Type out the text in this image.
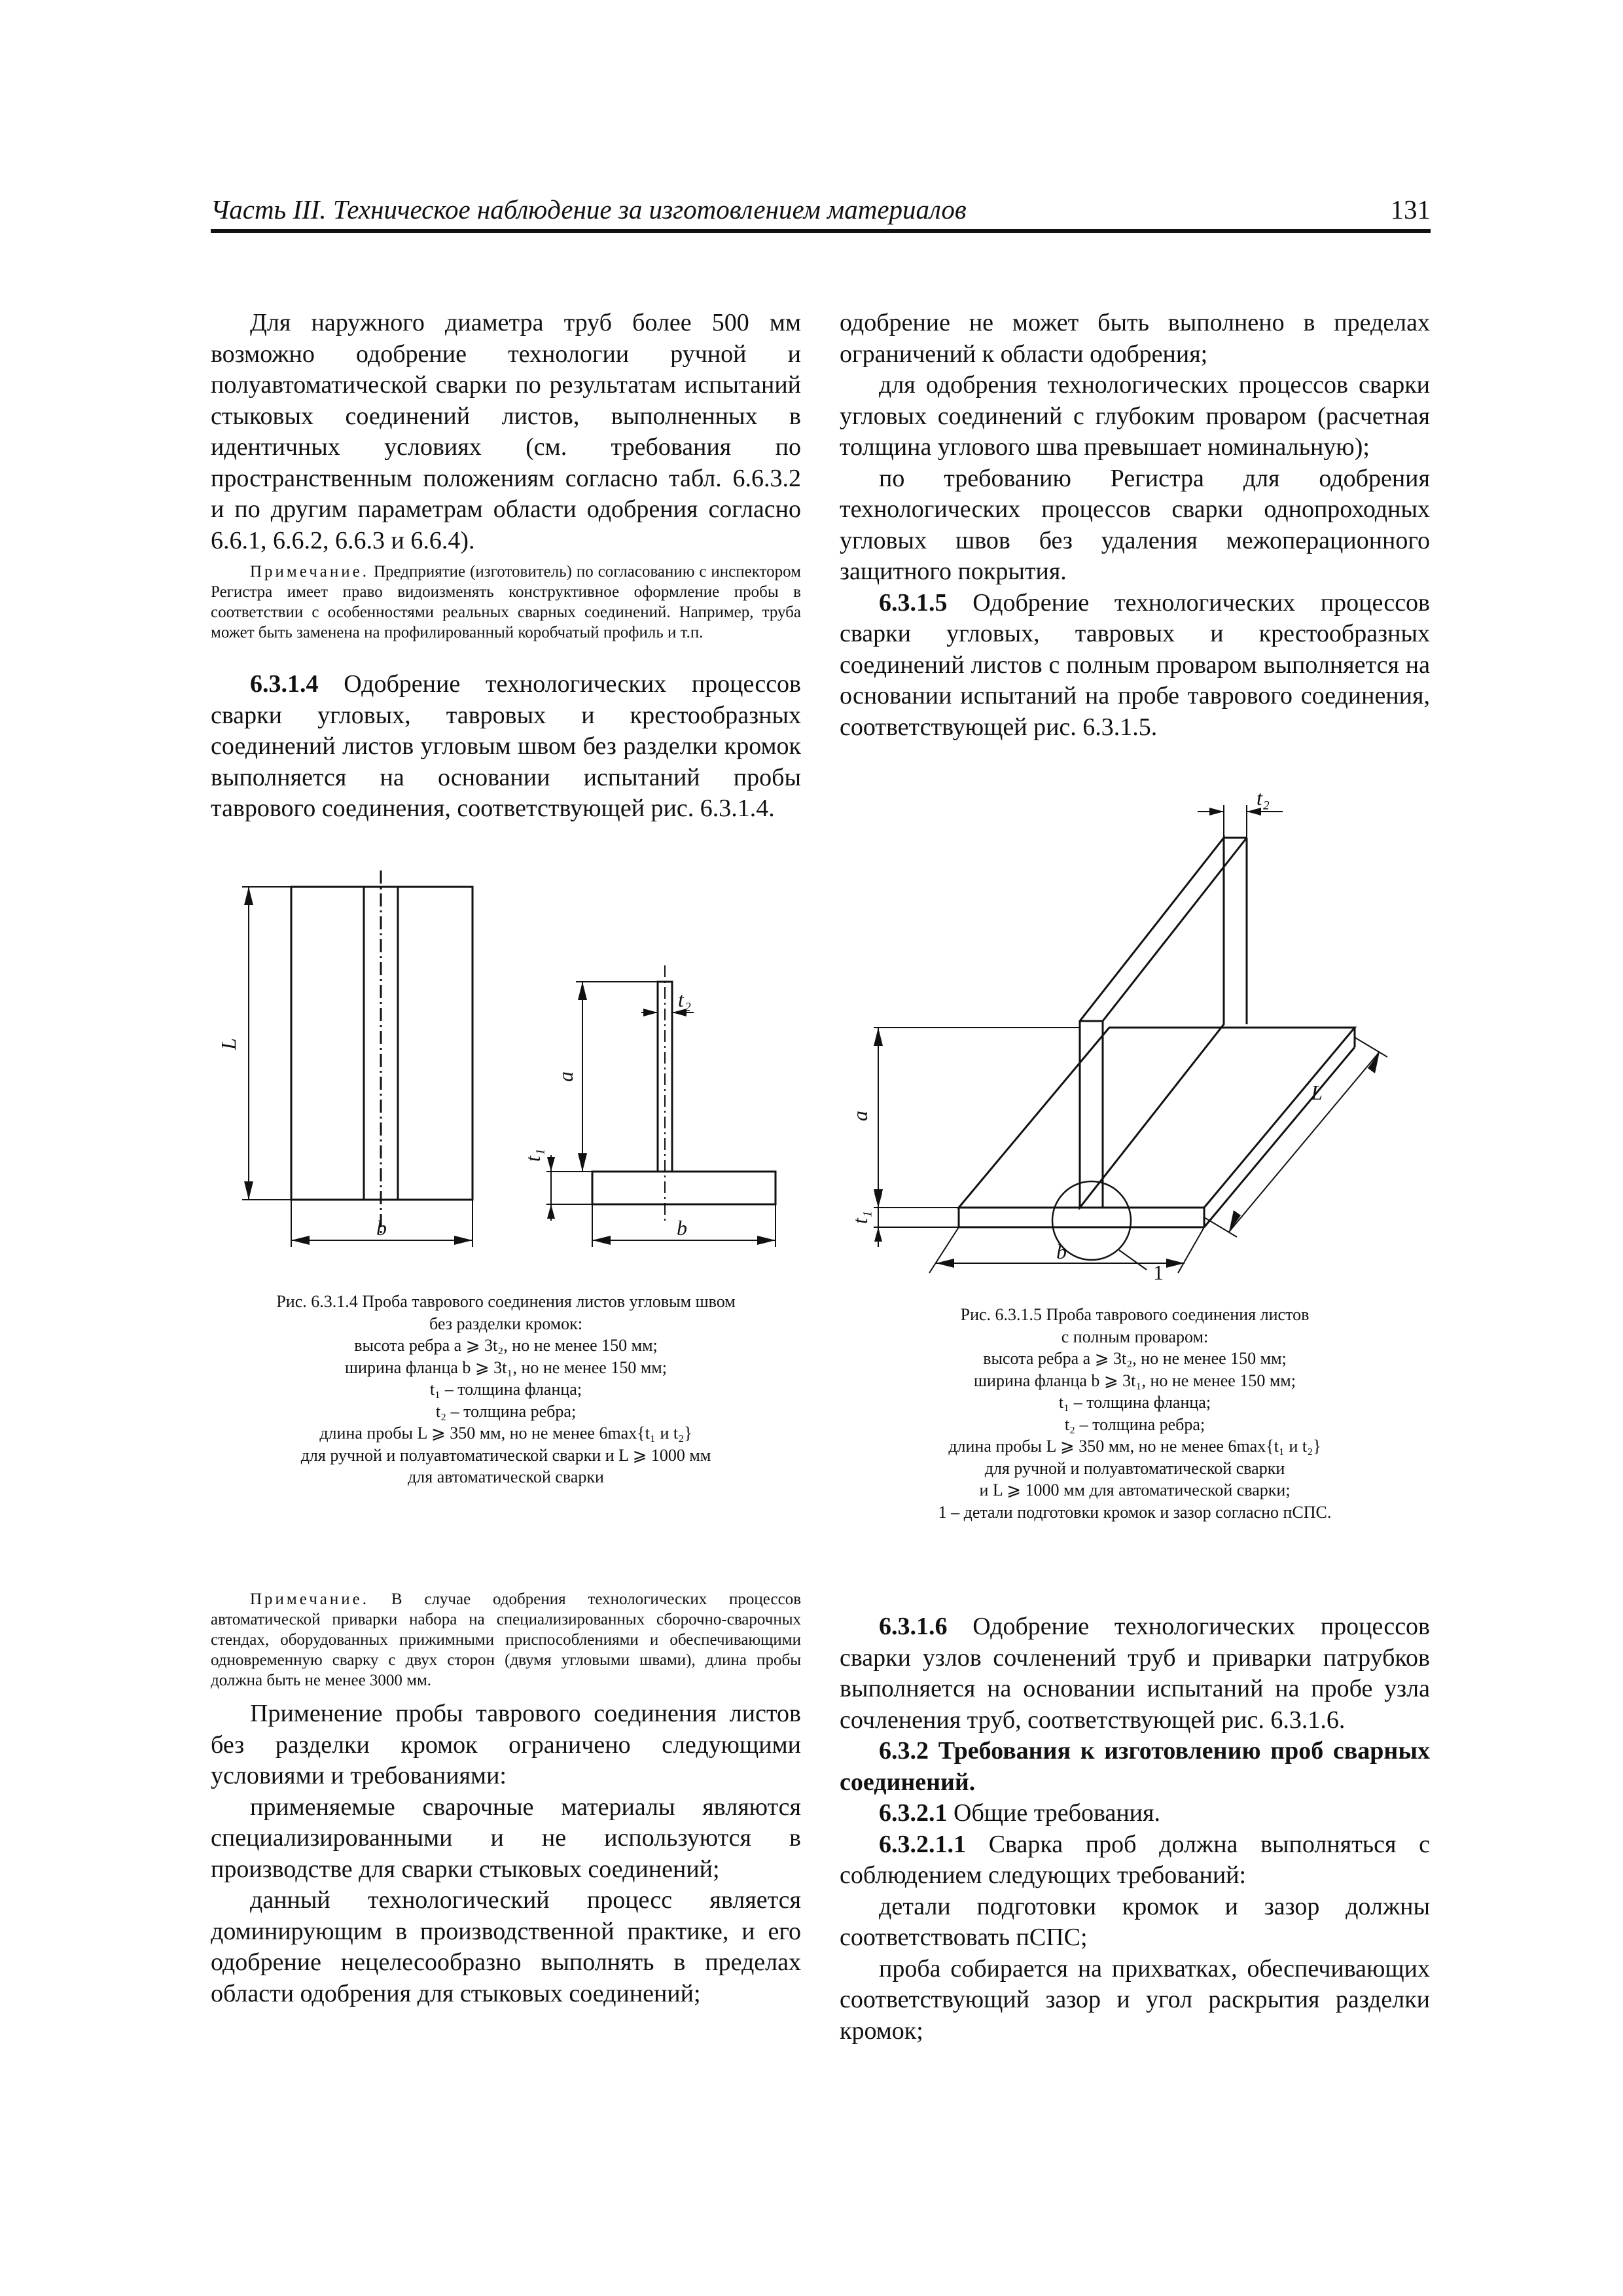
Часть III. Техническое наблюдение за изготовлением материалов	131

Для наружного диаметра труб более 500 мм возможно одобрение технологии ручной и полуавтоматической сварки по результатам испытаний стыковых соединений листов, выполненных в идентичных условиях (см. требования по пространственным положениям согласно табл. 6.6.3.2 и по другим параметрам области одобрения согласно 6.6.1, 6.6.2, 6.6.3 и 6.6.4).

Примечание. Предприятие (изготовитель) по согласованию с инспектором Регистра имеет право видоизменять конструктивное оформление пробы в соответствии с особенностями реальных сварных соединений. Например, труба может быть заменена на профилированный коробчатый профиль и т.п.

6.3.1.4 Одобрение технологических процессов сварки угловых, тавровых и крестообразных соединений листов угловым швом без разделки кромок выполняется на основании испытаний пробы таврового соединения, соответствующей рис. 6.3.1.4.

L
b
a
t₁
t₂
b
Рис. 6.3.1.4 Проба таврового соединения листов угловым швом
без разделки кромок:
высота ребра a ⩾ 3t₂, но не менее 150 мм;
ширина фланца b ⩾ 3t₁, но не менее 150 мм;
t₁ – толщина фланца;
t₂ – толщина ребра;
длина пробы L ⩾ 350 мм, но не менее 6max{t₁ и t₂}
для ручной и полуавтоматической сварки и L ⩾ 1000 мм
для автоматической сварки

Примечание. В случае одобрения технологических процессов автоматической приварки набора на специализированных сборочно-сварочных стендах, оборудованных прижимными приспособлениями и обеспечивающими одновременную сварку с двух сторон (двумя угловыми швами), длина пробы должна быть не менее 3000 мм.

Применение пробы таврового соединения листов без разделки кромок ограничено следующими условиями и требованиями:

применяемые сварочные материалы являются специализированными и не используются в производстве для сварки стыковых соединений;

данный технологический процесс является доминирующим в производственной практике, и его одобрение нецелесообразно выполнять в пределах области одобрения для стыковых соединений;

одобрение не может быть выполнено в пределах ограничений к области одобрения;

для одобрения технологических процессов сварки угловых соединений с глубоким проваром (расчетная толщина углового шва превышает номинальную);

по требованию Регистра для одобрения технологических процессов сварки однопроходных угловых швов без удаления межоперационного защитного покрытия.

6.3.1.5 Одобрение технологических процессов сварки угловых, тавровых и крестообразных соединений листов с полным проваром выполняется на основании испытаний на пробе таврового соединения, соответствующей рис. 6.3.1.5.

t₂
a
t₁
L
b
1
Рис. 6.3.1.5 Проба таврового соединения листов
с полным проваром:
высота ребра a ⩾ 3t₂, но не менее 150 мм;
ширина фланца b ⩾ 3t₁, но не менее 150 мм;
t₁ – толщина фланца;
t₂ – толщина ребра;
длина пробы L ⩾ 350 мм, но не менее 6max{t₁ и t₂}
для ручной и полуавтоматической сварки
и L ⩾ 1000 мм для автоматической сварки;
1 – детали подготовки кромок и зазор согласно пСПС.

6.3.1.6 Одобрение технологических процессов сварки узлов сочленений труб и приварки патрубков выполняется на основании испытаний на пробе узла сочленения труб, соответствующей рис. 6.3.1.6.

6.3.2 Требования к изготовлению проб сварных соединений.

6.3.2.1 Общие требования.

6.3.2.1.1 Сварка проб должна выполняться с соблюдением следующих требований:

детали подготовки кромок и зазор должны соответствовать пСПС;

проба собирается на прихватках, обеспечивающих соответствующий зазор и угол раскрытия разделки кромок;
